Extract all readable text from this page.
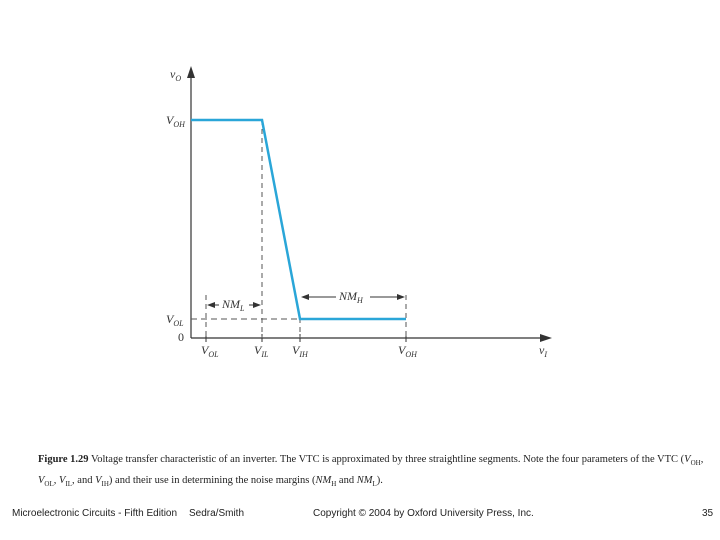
$v_O$
$v_I$
$V_{OH}$
$V_{OL}$
0
$V_{OL}$	$V_{IL}$ $V_{IH}$	$V_{OH}$
$NM_L$
$NM_H$
Figure 1.29 Voltage transfer characteristic of an inverter. The VTC is approximated by three straightline segments. Note the four parameters of the VTC ($V_{OH}$, $V_{OL}$, $V_{IL}$, and $V_{IH}$) and their use in determining the noise margins ($NM_H$ and $NM_L$).
Microelectronic Circuits - Fifth Edition Sedra/Smith	Copyright © 2004 by Oxford University Press, Inc.	35
